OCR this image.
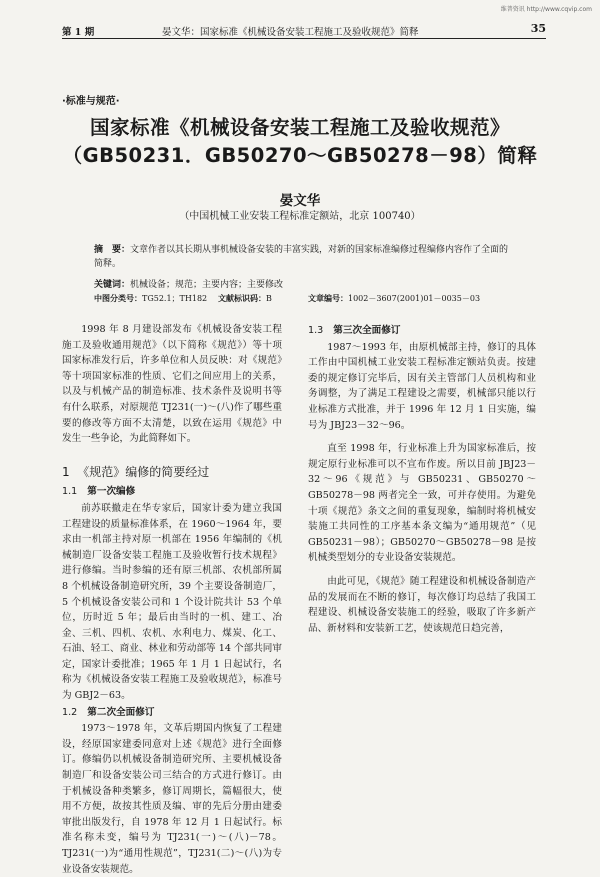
维普资讯 http://www.cqvip.com
第 1 期	晏文华：国家标准《机械设备安装工程施工及验收规范》简释	35
·标准与规范·
国家标准《机械设备安装工程施工及验收规范》
（GB50231．GB50270～GB50278－98）简释
晏文华
（中国机械工业安装工程标准定额站，北京 100740）
摘　要：文章作者以其长期从事机械设备安装的丰富实践，对新的国家标准编修过程编修内容作了全面的简释。
关键词：机械设备；规范；主要内容；主要修改
中图分类号：TG52.1；TH182 文献标识码：B	文章编号：1002－3607(2001)01－0035－03

1998 年 8 月建设部发布《机械设备安装工程施工及验收通用规范》（以下简称《规范》）等十项国家标准发行后，许多单位和人员反映：对《规范》等十项国家标准的性质、它们之间应用上的关系，以及与机械产品的制造标准、技术条件及说明书等有什么联系，对原规范 TJ231(一)～(八)作了哪些重要的修改等方面不太清楚，以致在运用《规范》中发生一些争论，为此简释如下。

1 《规范》编修的简要经过
1.1 第一次编修

前苏联撤走在华专家后，国家计委为建立我国工程建设的质量标准体系，在 1960～1964 年，要求由一机部主持对原一机部在 1956 年编制的《机械制造厂设备安装工程施工及验收暂行技术规程》进行修编。当时参编的还有原三机部、农机部所属 8 个机械设备制造研究所，39 个主要设备制造厂，5 个机械设备安装公司和 1 个设计院共计 53 个单位，历时近 5 年；最后由当时的一机、建工、冶金、三机、四机、农机、水利电力、煤炭、化工、石油、轻工、商业、林业和劳动部等 14 个部共同审定，国家计委批准；1965 年 1 月 1 日起试行，名称为《机械设备安装工程施工及验收规范》，标准号为 GBJ2－63。

1.2 第二次全面修订

1973～1978 年，文革后期国内恢复了工程建设，经原国家建委同意对上述《规范》进行全面修订。修编仍以机械设备制造研究所、主要机械设备制造厂和设备安装公司三结合的方式进行修订。由于机械设备种类繁多，修订周期长，篇幅很大，使用不方便，故按其性质及编、审的先后分册由建委审批出版发行，自 1978 年 12 月 1 日起试行。标准名称未变，编号为 TJ231(一)～(八)－78。TJ231(一)为“通用性规范”，TJ231(二)～(八)为专业设备安装规范。

1.3 第三次全面修订

1987～1993 年，由原机械部主持，修订的具体工作由中国机械工业安装工程标准定额站负责。按建委的规定修订完毕后，因有关主管部门人员机构和业务调整，为了满足工程建设之需要，机械部只能以行业标准方式批准，并于 1996 年 12 月 1 日实施，编号为 JBJ23－32～96。

直至 1998 年，行业标准上升为国家标准后，按规定原行业标准可以不宣布作废。所以目前 JBJ23－32～96《规范》与 GB50231、GB50270～GB50278－98 两者完全一致，可并存使用。为避免十项《规范》条文之间的重复现象，编制时将机械安装施工共同性的工序基本条文编为“通用规范”（见 GB50231－98）；GB50270～GB50278－98 是按机械类型划分的专业设备安装规范。

由此可见，《规范》随工程建设和机械设备制造产品的发展而在不断的修订，每次修订均总结了我国工程建设、机械设备安装施工的经验，吸取了许多新产品、新材料和安装新工艺，使该规范日趋完善，
